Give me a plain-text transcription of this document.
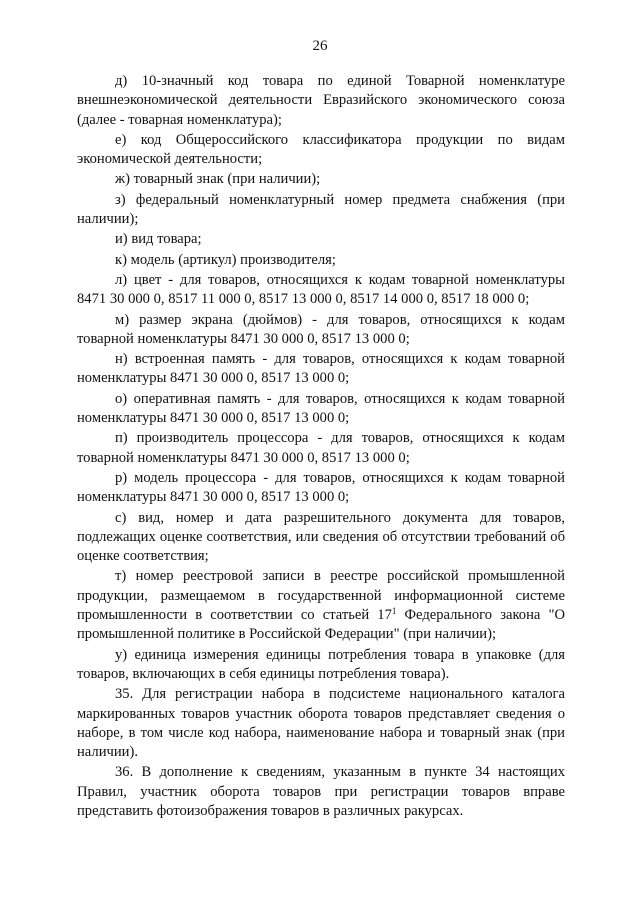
26

д) 10-значный код товара по единой Товарной номенклатуре внешнеэкономической деятельности Евразийского экономического союза (далее - товарная номенклатура);

е) код Общероссийского классификатора продукции по видам экономической деятельности;

ж) товарный знак (при наличии);

з) федеральный номенклатурный номер предмета снабжения (при наличии);

и) вид товара;

к) модель (артикул) производителя;

л) цвет - для товаров, относящихся к кодам товарной номенклатуры 8471 30 000 0, 8517 11 000 0, 8517 13 000 0, 8517 14 000 0, 8517 18 000 0;

м) размер экрана (дюймов) - для товаров, относящихся к кодам товарной номенклатуры 8471 30 000 0, 8517 13 000 0;

н) встроенная память - для товаров, относящихся к кодам товарной номенклатуры 8471 30 000 0, 8517 13 000 0;

о) оперативная память - для товаров, относящихся к кодам товарной номенклатуры 8471 30 000 0, 8517 13 000 0;

п) производитель процессора - для товаров, относящихся к кодам товарной номенклатуры 8471 30 000 0, 8517 13 000 0;

р) модель процессора - для товаров, относящихся к кодам товарной номенклатуры 8471 30 000 0, 8517 13 000 0;

с) вид, номер и дата разрешительного документа для товаров, подлежащих оценке соответствия, или сведения об отсутствии требований об оценке соответствия;

т) номер реестровой записи в реестре российской промышленной продукции, размещаемом в государственной информационной системе промышленности в соответствии со статьей $17^1$ Федерального закона "О промышленной политике в Российской Федерации" (при наличии);

у) единица измерения единицы потребления товара в упаковке (для товаров, включающих в себя единицы потребления товара).

35. Для регистрации набора в подсистеме национального каталога маркированных товаров участник оборота товаров представляет сведения о наборе, в том числе код набора, наименование набора и товарный знак (при наличии).

36. В дополнение к сведениям, указанным в пункте 34 настоящих Правил, участник оборота товаров при регистрации товаров вправе представить фотоизображения товаров в различных ракурсах.
